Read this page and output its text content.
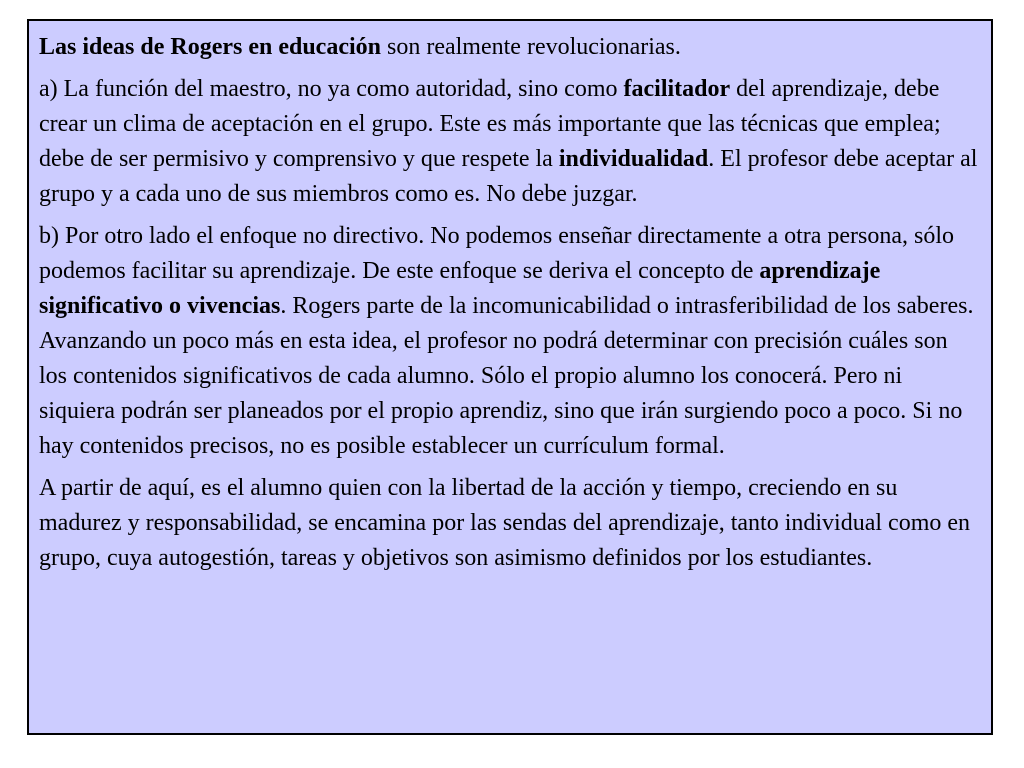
Las ideas de Rogers en educación son realmente revolucionarias.

a) La función del maestro, no ya como autoridad, sino como facilitador del aprendizaje, debe crear un clima de aceptación en el grupo. Este es más importante que las técnicas que emplea; debe de ser permisivo y comprensivo y que respete la individualidad. El profesor debe aceptar al grupo y a cada uno de sus miembros como es. No debe juzgar.

b) Por otro lado el enfoque no directivo. No podemos enseñar directamente a otra persona, sólo podemos facilitar su aprendizaje. De este enfoque se deriva el concepto de aprendizaje significativo o vivencias. Rogers parte de la incomunicabilidad o intrasferibilidad de los saberes. Avanzando un poco más en esta idea, el profesor no podrá determinar con precisión cuáles son los contenidos significativos de cada alumno. Sólo el propio alumno los conocerá. Pero ni siquiera podrán ser planeados por el propio aprendiz, sino que irán surgiendo poco a poco. Si no hay contenidos precisos, no es posible establecer un currículum formal.

A partir de aquí, es el alumno quien con la libertad de la acción y tiempo, creciendo en su madurez y responsabilidad, se encamina por las sendas del aprendizaje, tanto individual como en grupo, cuya autogestión, tareas y objetivos son asimismo definidos por los estudiantes.
